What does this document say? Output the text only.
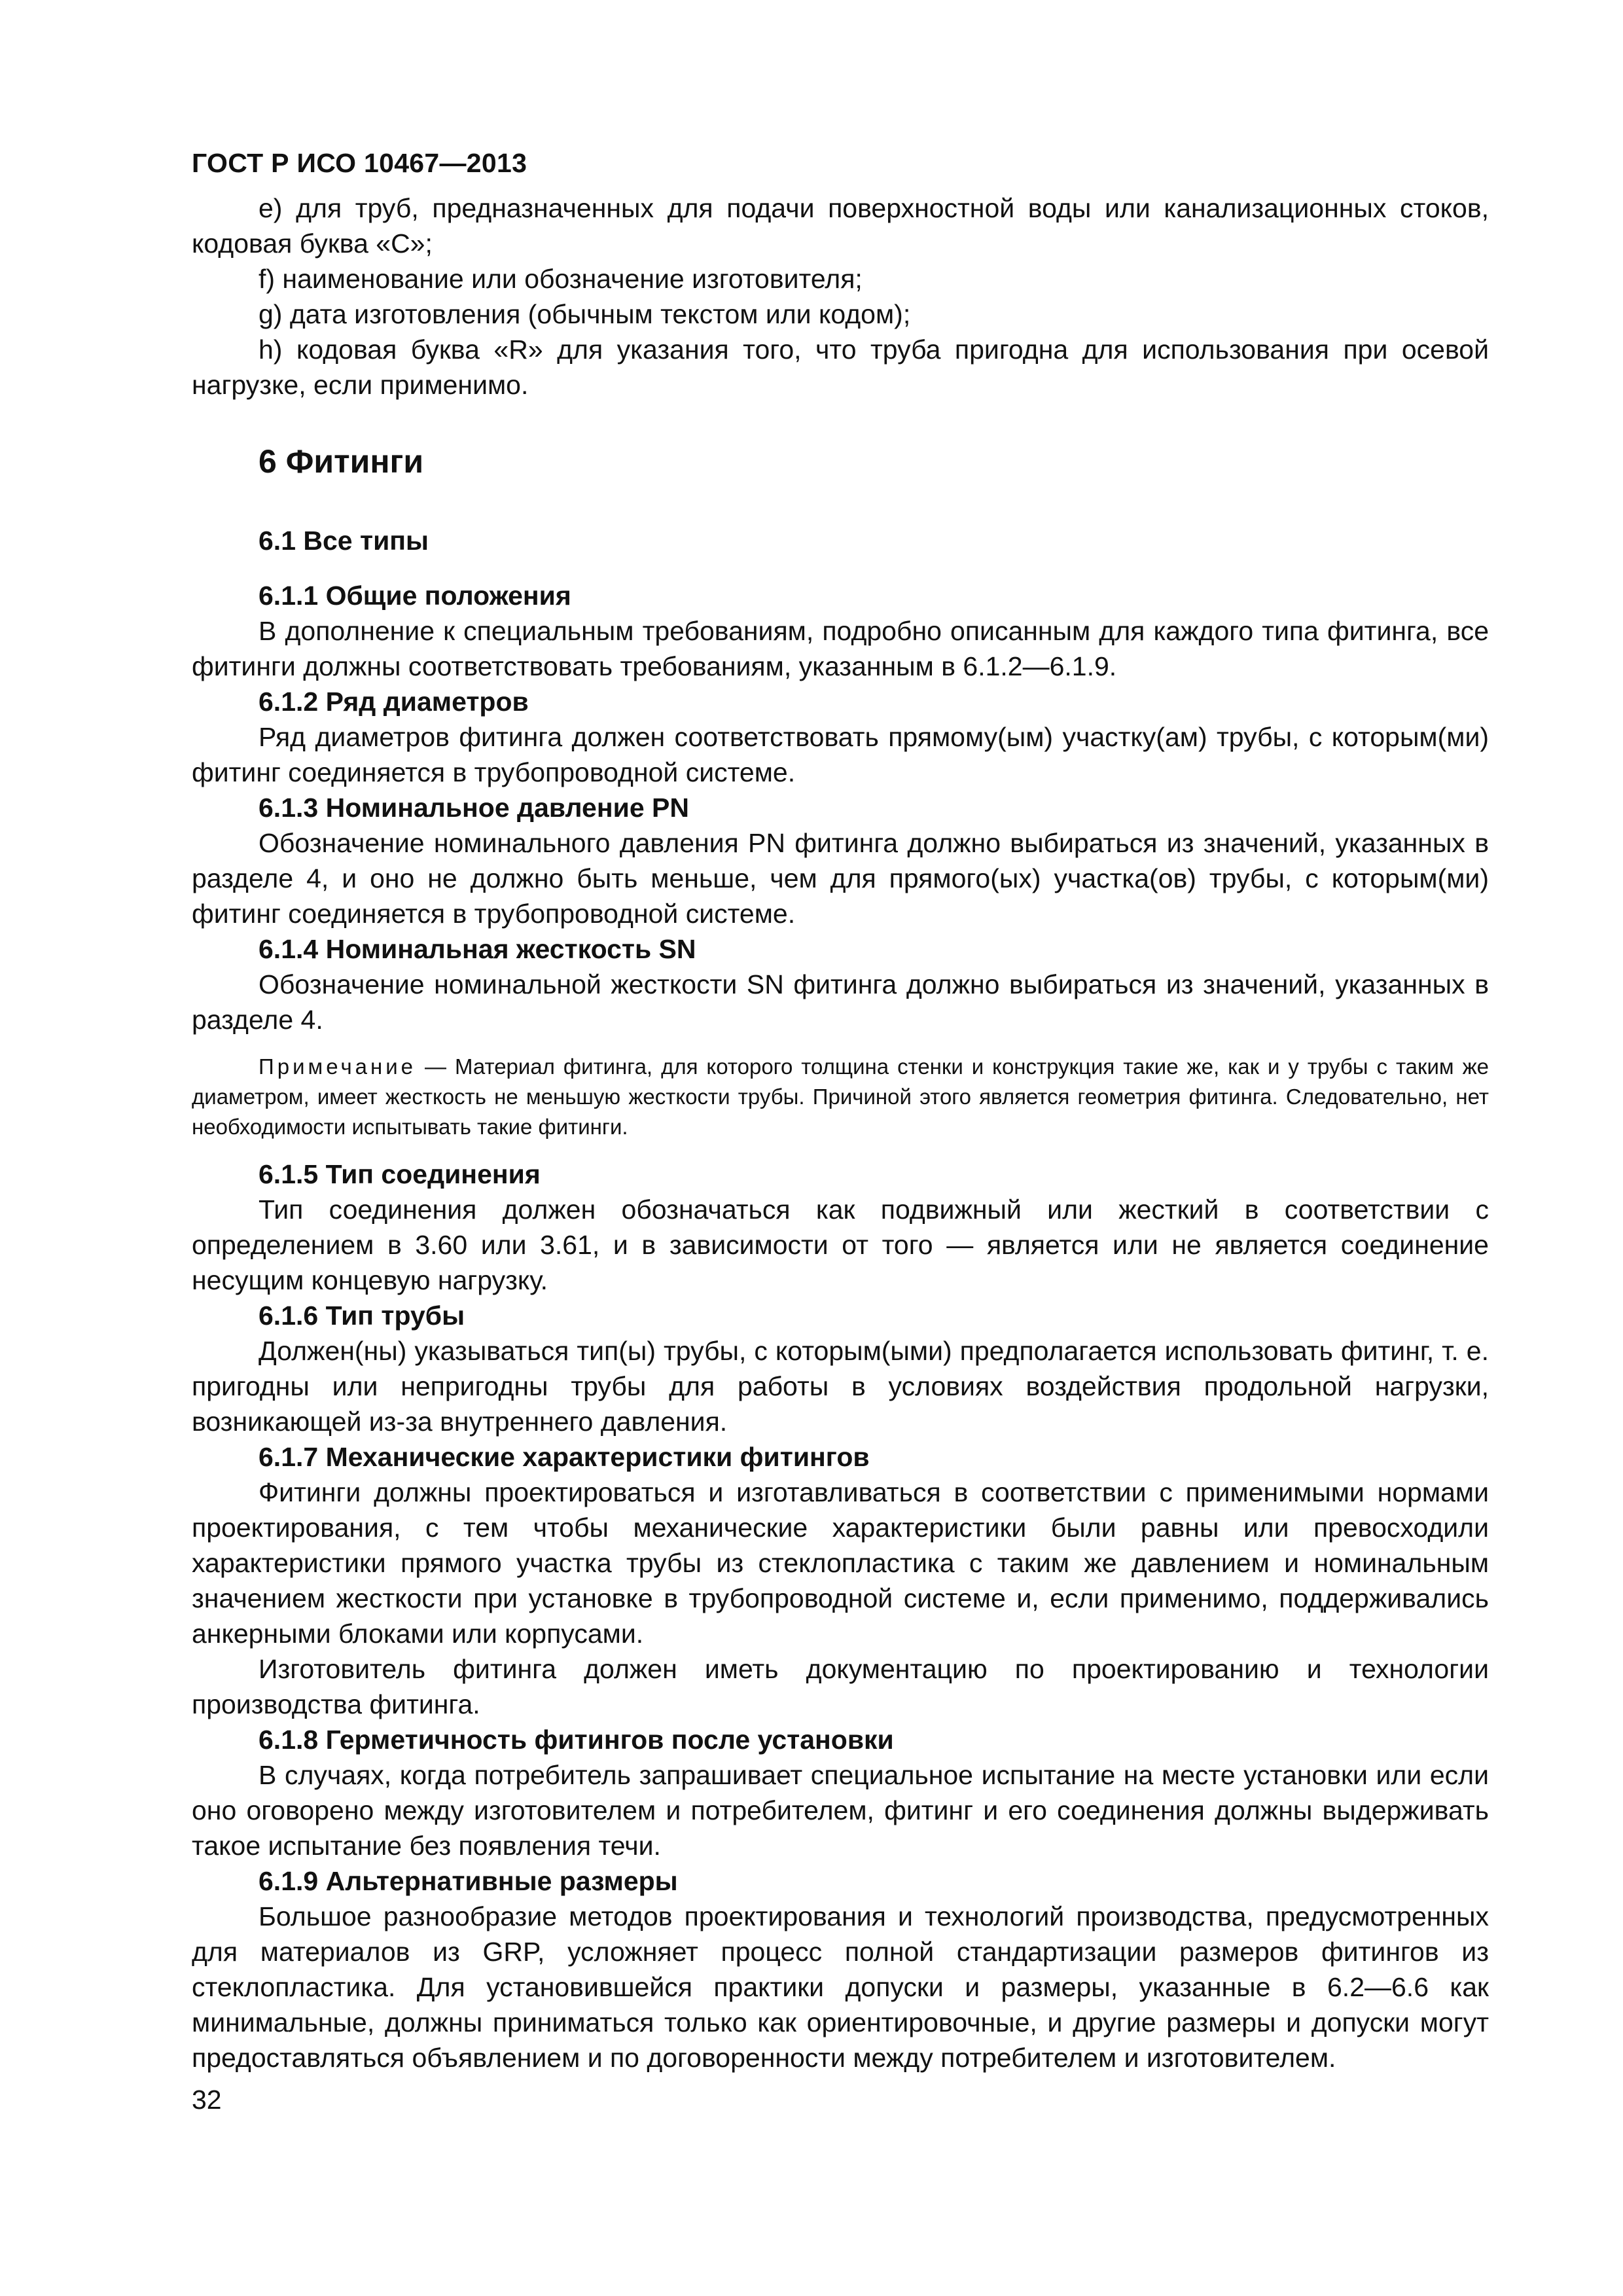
ГОСТ Р ИСО 10467—2013

е) для труб, предназначенных для подачи поверхностной воды или канализационных стоков, кодовая буква «С»;

f) наименование или обозначение изготовителя;

g) дата изготовления (обычным текстом или кодом);

h) кодовая буква «R» для указания того, что труба пригодна для использования при осевой нагрузке, если применимо.

6 Фитинги
6.1 Все типы
6.1.1 Общие положения

В дополнение к специальным требованиям, подробно описанным для каждого типа фитинга, все фитинги должны соответствовать требованиям, указанным в 6.1.2—6.1.9.

6.1.2 Ряд диаметров

Ряд диаметров фитинга должен соответствовать прямому(ым) участку(ам) трубы, с которым(ми) фитинг соединяется в трубопроводной системе.

6.1.3 Номинальное давление PN

Обозначение номинального давления PN фитинга должно выбираться из значений, указанных в разделе 4, и оно не должно быть меньше, чем для прямого(ых) участка(ов) трубы, с которым(ми) фитинг соединяется в трубопроводной системе.

6.1.4 Номинальная жесткость SN

Обозначение номинальной жесткости SN фитинга должно выбираться из значений, указанных в разделе 4.

Примечание — Материал фитинга, для которого толщина стенки и конструкция такие же, как и у трубы с таким же диаметром, имеет жесткость не меньшую жесткости трубы. Причиной этого является геометрия фитинга. Следовательно, нет необходимости испытывать такие фитинги.
6.1.5 Тип соединения

Тип соединения должен обозначаться как подвижный или жесткий в соответствии с определением в 3.60 или 3.61, и в зависимости от того — является или не является соединение несущим концевую нагрузку.

6.1.6 Тип трубы

Должен(ны) указываться тип(ы) трубы, с которым(ыми) предполагается использовать фитинг, т. е. пригодны или непригодны трубы для работы в условиях воздействия продольной нагрузки, возникающей из-за внутреннего давления.

6.1.7 Механические характеристики фитингов

Фитинги должны проектироваться и изготавливаться в соответствии с применимыми нормами проектирования, с тем чтобы механические характеристики были равны или превосходили характеристики прямого участка трубы из стеклопластика с таким же давлением и номинальным значением жесткости при установке в трубопроводной системе и, если применимо, поддерживались анкерными блоками или корпусами.

Изготовитель фитинга должен иметь документацию по проектированию и технологии производства фитинга.

6.1.8 Герметичность фитингов после установки

В случаях, когда потребитель запрашивает специальное испытание на месте установки или если оно оговорено между изготовителем и потребителем, фитинг и его соединения должны выдерживать такое испытание без появления течи.

6.1.9 Альтернативные размеры

Большое разнообразие методов проектирования и технологий производства, предусмотренных для материалов из GRP, усложняет процесс полной стандартизации размеров фитингов из стеклопластика. Для установившейся практики допуски и размеры, указанные в 6.2—6.6 как минимальные, должны приниматься только как ориентировочные, и другие размеры и допуски могут предоставляться объявлением и по договоренности между потребителем и изготовителем.

32
